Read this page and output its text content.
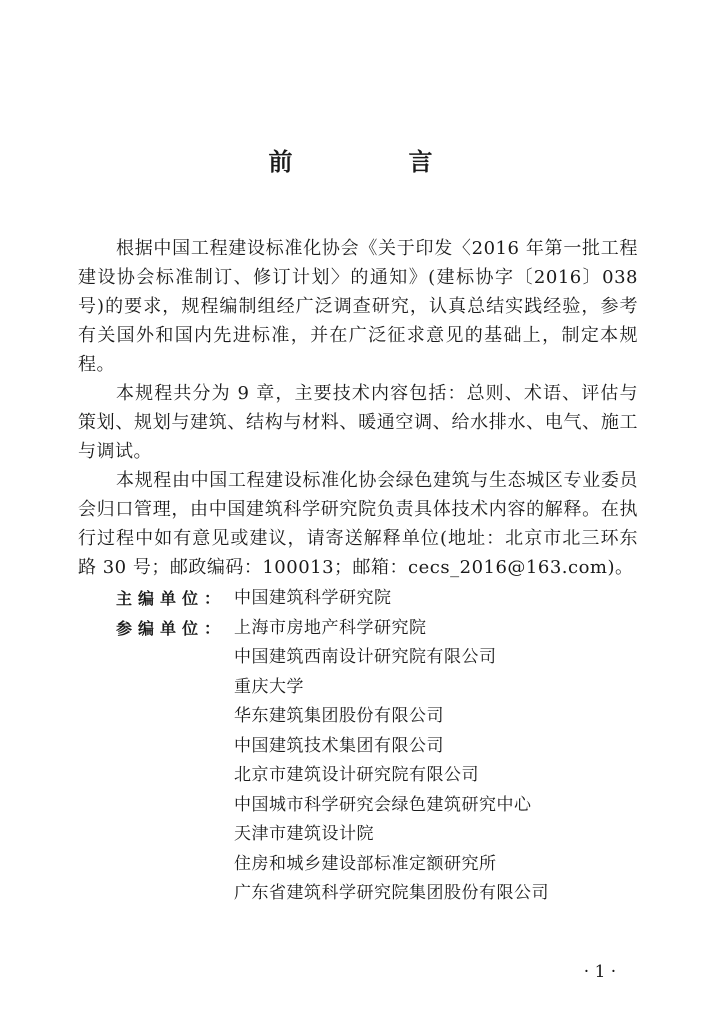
前　言

根据中国工程建设标准化协会《关于印发〈2016 年第一批工程建设协会标准制订、修订计划〉的通知》(建标协字〔2016〕038 号)的要求，规程编制组经广泛调查研究，认真总结实践经验，参考有关国外和国内先进标准，并在广泛征求意见的基础上，制定本规程。

本规程共分为 9 章，主要技术内容包括：总则、术语、评估与策划、规划与建筑、结构与材料、暖通空调、给水排水、电气、施工与调试。

本规程由中国工程建设标准化协会绿色建筑与生态城区专业委员会归口管理，由中国建筑科学研究院负责具体技术内容的解释。在执行过程中如有意见或建议，请寄送解释单位(地址：北京市北三环东路 30 号；邮政编码：100013；邮箱：cecs_2016@163.com)。

主编单位： 中国建筑科学研究院
参编单位： 上海市房地产科学研究院
中国建筑西南设计研究院有限公司
重庆大学
华东建筑集团股份有限公司
中国建筑技术集团有限公司
北京市建筑设计研究院有限公司
中国城市科学研究会绿色建筑研究中心
天津市建筑设计院
住房和城乡建设部标准定额研究所
广东省建筑科学研究院集团股份有限公司
· 1 ·
